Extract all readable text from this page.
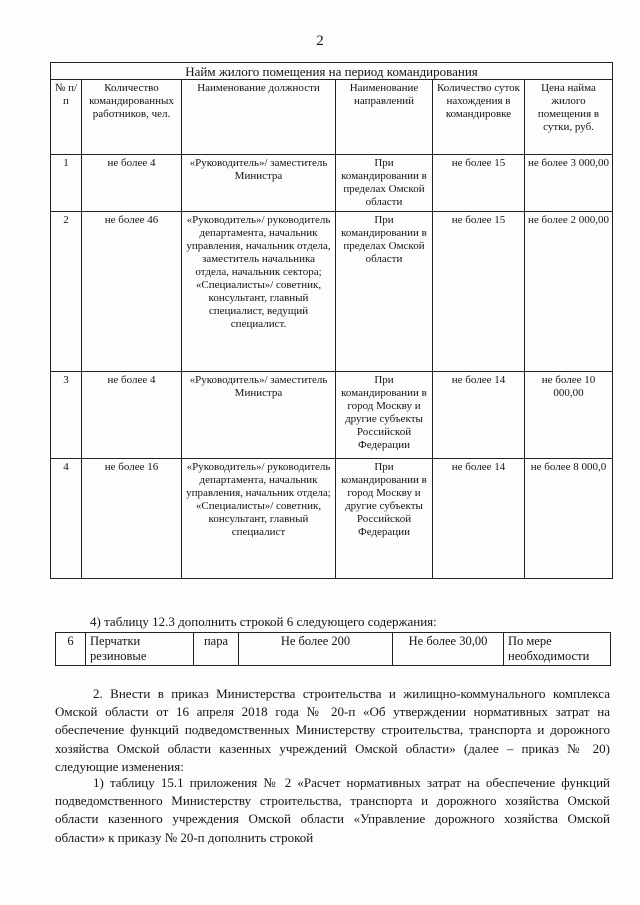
2
Найм жилого помещения на период командирования					
№ п/п	Количество командированных работников, чел.	Наименование должности	Наименование направлений	Количество суток нахождения в командировке	Цена найма жилого помещения в сутки, руб.
1	не более 4	«Руководитель»/ заместитель Министра	При командировании в пределах Омской области	не более 15	не более 3 000,00
2	не более 46	«Руководитель»/ руководитель департамента, начальник управления, начальник отдела, заместитель начальника отдела, начальник сектора; «Специалисты»/ советник, консультант, главный специалист, ведущий специалист.	При командировании в пределах Омской области	не более 15	не более 2 000,00
3	не более 4	«Руководитель»/ заместитель Министра	При командировании в город Москву и другие субъекты Российской Федерации	не более 14	не более 10 000,00
4	не более 16	«Руководитель»/ руководитель департамента, начальник управления, начальник отдела; «Специалисты»/ советник, консультант, главный специалист	При командировании в город Москву и другие субъекты Российской Федерации	не более 14	не более 8 000,0
4) таблицу 12.3 дополнить строкой 6 следующего содержания:
6	Перчатки резиновые	пара	Не более 200	Не более 30,00	По мере необходимости

2. Внести в приказ Министерства строительства и жилищно-коммунального комплекса Омской области от 16 апреля 2018 года № 20-п «Об утверждении нормативных затрат на обеспечение функций подведомственных Министерству строительства, транспорта и дорожного хозяйства Омской области казенных учреждений Омской области» (далее – приказ № 20) следующие изменения:

1) таблицу 15.1 приложения № 2 «Расчет нормативных затрат на обеспечение функций подведомственного Министерству строительства, транспорта и дорожного хозяйства Омской области казенного учреждения Омской области «Управление дорожного хозяйства Омской области» к приказу № 20-п дополнить строкой
